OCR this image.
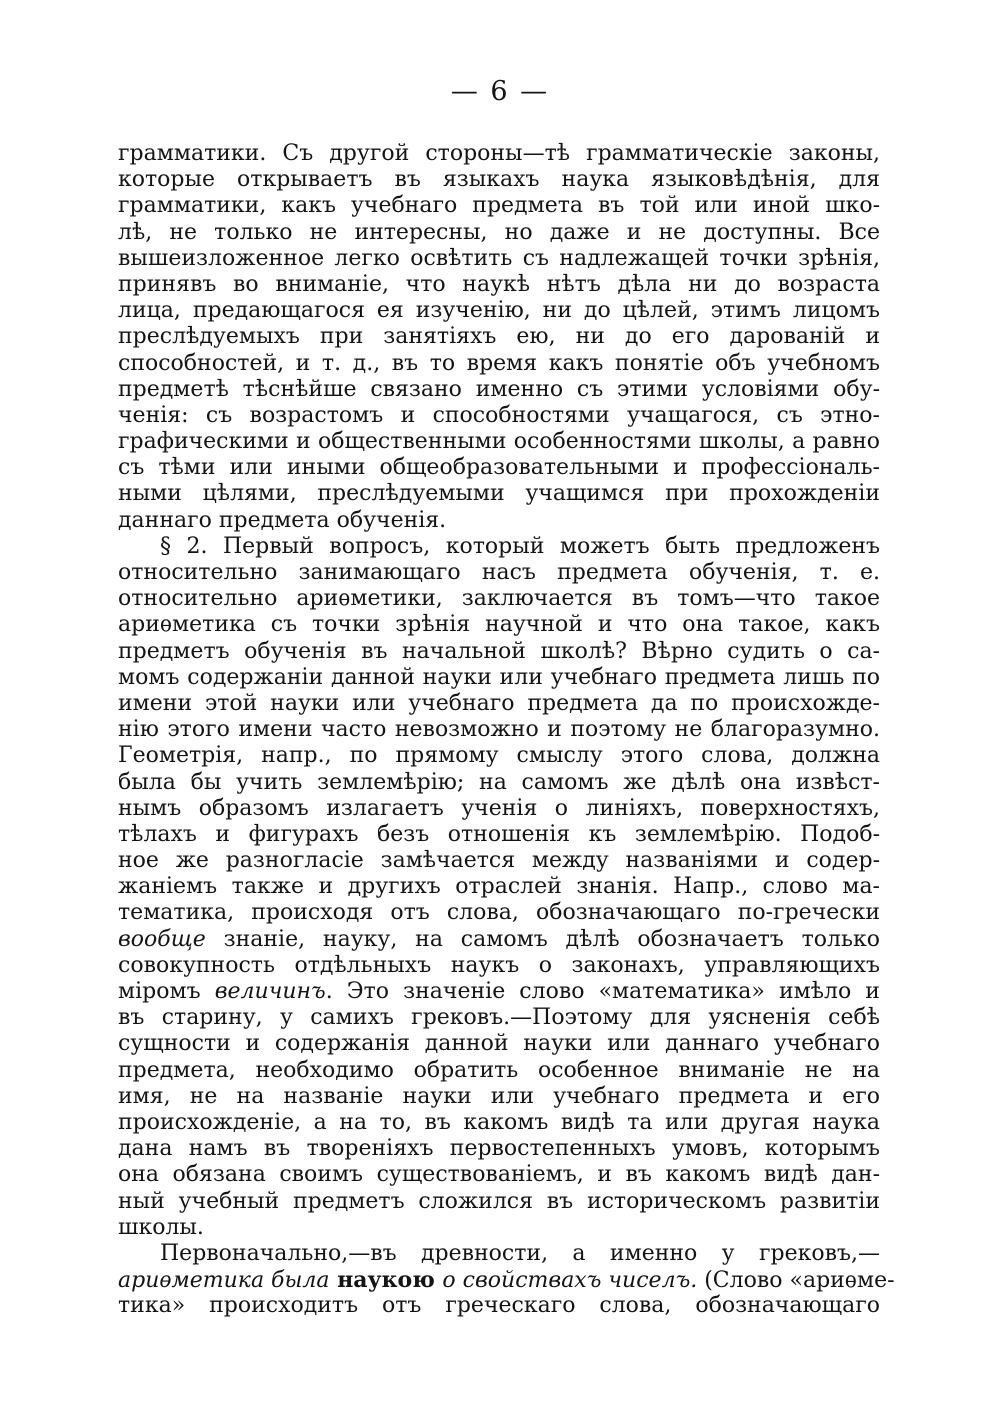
— 6 —
грамматики. Съ другой стороны—тѣ грамматическіе законы,
которые открываетъ въ языкахъ наука языковѣдѣнія, для
грамматики, какъ учебнаго предмета въ той или иной шко-
лѣ, не только не интересны, но даже и не доступны. Все
вышеизложенное легко освѣтить съ надлежащей точки зрѣнія,
принявъ во вниманіе, что наукѣ нѣтъ дѣла ни до возраста
лица, предающагося ея изученію, ни до цѣлей, этимъ лицомъ
преслѣдуемыхъ при занятіяхъ ею, ни до его дарованій и
способностей, и т. д., въ то время какъ понятіе объ учебномъ
предметѣ тѣснѣйше связано именно съ этими условіями обу-
ченія: съ возрастомъ и способностями учащагося, съ этно-
графическими и общественными особенностями школы, а равно
съ тѣми или иными общеобразовательными и профессіональ-
ными цѣлями, преслѣдуемыми учащимся при прохожденіи
даннаго предмета обученія.
§ 2. Первый вопросъ, который можетъ быть предложенъ
относительно занимающаго насъ предмета обученія, т. е.
относительно ариѳметики, заключается въ томъ—что такое
ариѳметика съ точки зрѣнія научной и что она такое, какъ
предметъ обученія въ начальной школѣ? Вѣрно судить о са-
момъ содержаніи данной науки или учебнаго предмета лишь по
имени этой науки или учебнаго предмета да по происхожде-
нію этого имени часто невозможно и поэтому не благоразумно.
Геометрія, напр., по прямому смыслу этого слова, должна
была бы учить землемѣрію; на самомъ же дѣлѣ она извѣст-
нымъ образомъ излагаетъ ученія о линіяхъ, поверхностяхъ,
тѣлахъ и фигурахъ безъ отношенія къ землемѣрію. Подоб-
ное же разногласіе замѣчается между названіями и содер-
жаніемъ также и другихъ отраслей знанія. Напр., слово ма-
тематика, происходя отъ слова, обозначающаго по-гречески
вообще знаніе, науку, на самомъ дѣлѣ обозначаетъ только
совокупность отдѣльныхъ наукъ о законахъ, управляющихъ
міромъ величинъ. Это значеніе слово «математика» имѣло и
въ старину, у самихъ грековъ.—Поэтому для уясненія себѣ
сущности и содержанія данной науки или даннаго учебнаго
предмета, необходимо обратить особенное вниманіе не на
имя, не на названіе науки или учебнаго предмета и его
происхожденіе, а на то, въ какомъ видѣ та или другая наука
дана намъ въ твореніяхъ первостепенныхъ умовъ, которымъ
она обязана своимъ существованіемъ, и въ какомъ видѣ дан-
ный учебный предметъ сложился въ историческомъ развитіи
школы.
Первоначально,—въ древности, а именно у грековъ,—
ариѳметика была наукою о свойствахъ чиселъ. (Слово «ариѳме-
тика» происходитъ отъ греческаго слова, обозначающаго
